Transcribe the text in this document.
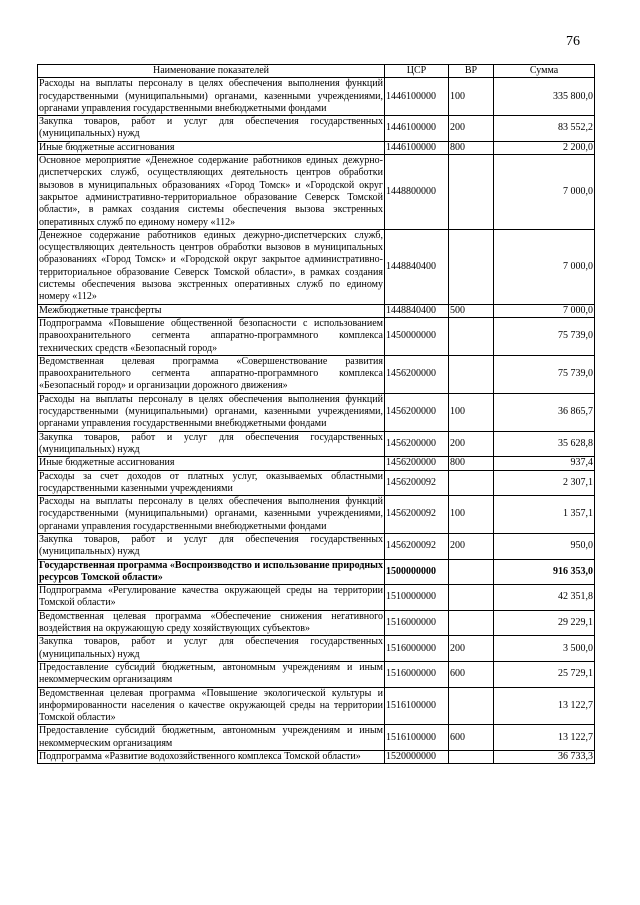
76
Наименование показателей	ЦСР	ВР	Сумма
Расходы на выплаты персоналу в целях обеспечения выполнения функций государственными (муниципальными) органами, казенными учреждениями, органами управления государственными внебюджетными фондами	1446100000	100	335 800,0
Закупка товаров, работ и услуг для обеспечения государственных (муниципальных) нужд	1446100000	200	83 552,2
Иные бюджетные ассигнования	1446100000	800	2 200,0
Основное мероприятие «Денежное содержание работников единых дежурно-диспетчерских служб, осуществляющих деятельность центров обработки вызовов в муниципальных образованиях «Город Томск» и «Городской округ закрытое административно-территориальное образование Северск Томской области», в рамках создания системы обеспечения вызова экстренных оперативных служб по единому номеру «112»	1448800000		7 000,0
Денежное содержание работников единых дежурно-диспетчерских служб, осуществляющих деятельность центров обработки вызовов в муниципальных образованиях «Город Томск» и «Городской округ закрытое административно-территориальное образование Северск Томской области», в рамках создания системы обеспечения вызова экстренных оперативных служб по единому номеру «112»	1448840400		7 000,0
Межбюджетные трансферты	1448840400	500	7 000,0
Подпрограмма «Повышение общественной безопасности с использованием правоохранительного сегмента аппаратно-программного комплекса технических средств «Безопасный город»	1450000000		75 739,0
Ведомственная целевая программа «Совершенствование развития правоохранительного сегмента аппаратно-программного комплекса «Безопасный город» и организации дорожного движения»	1456200000		75 739,0
Расходы на выплаты персоналу в целях обеспечения выполнения функций государственными (муниципальными) органами, казенными учреждениями, органами управления государственными внебюджетными фондами	1456200000	100	36 865,7
Закупка товаров, работ и услуг для обеспечения государственных (муниципальных) нужд	1456200000	200	35 628,8
Иные бюджетные ассигнования	1456200000	800	937,4
Расходы за счет доходов от платных услуг, оказываемых областными государственными казенными учреждениями	1456200092		2 307,1
Расходы на выплаты персоналу в целях обеспечения выполнения функций государственными (муниципальными) органами, казенными учреждениями, органами управления государственными внебюджетными фондами	1456200092	100	1 357,1
Закупка товаров, работ и услуг для обеспечения государственных (муниципальных) нужд	1456200092	200	950,0
Государственная программа «Воспроизводство и использование природных ресурсов Томской области»	1500000000		916 353,0
Подпрограмма «Регулирование качества окружающей среды на территории Томской области»	1510000000		42 351,8
Ведомственная целевая программа «Обеспечение снижения негативного воздействия на окружающую среду хозяйствующих субъектов»	1516000000		29 229,1
Закупка товаров, работ и услуг для обеспечения государственных (муниципальных) нужд	1516000000	200	3 500,0
Предоставление субсидий бюджетным, автономным учреждениям и иным некоммерческим организациям	1516000000	600	25 729,1
Ведомственная целевая программа «Повышение экологической культуры и информированности населения о качестве окружающей среды на территории Томской области»	1516100000		13 122,7
Предоставление субсидий бюджетным, автономным учреждениям и иным некоммерческим организациям	1516100000	600	13 122,7
Подпрограмма «Развитие водохозяйственного комплекса Томской области»	1520000000		36 733,3
